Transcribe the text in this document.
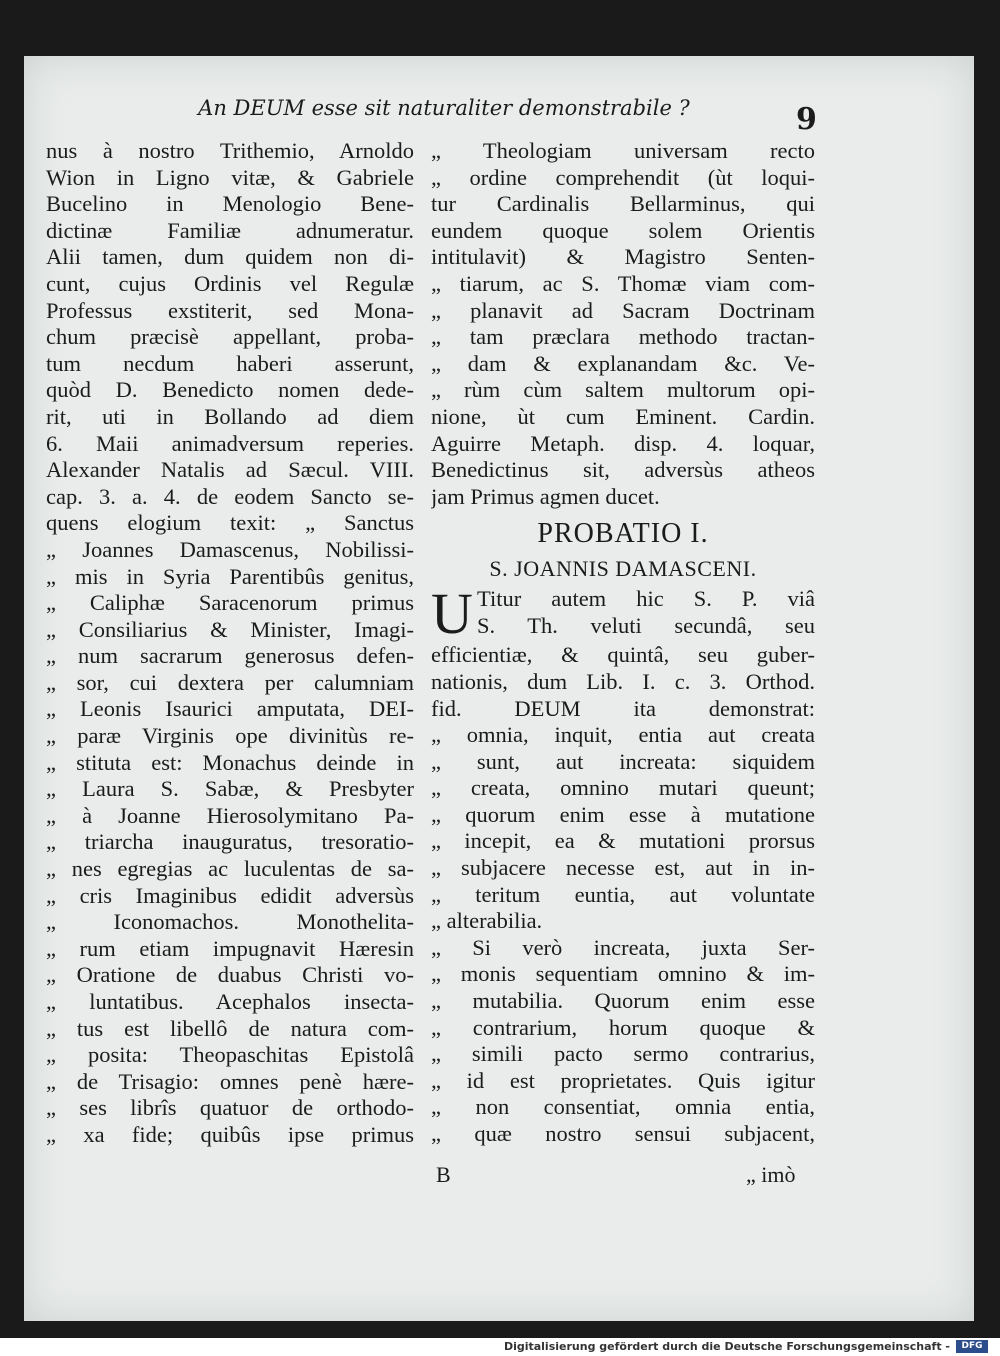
An DEUM esse sit naturaliter demonstrabile ?	9
nus à nostro Trithemio, Arnoldo
Wion in Ligno vitæ, & Gabriele
Bucelino in Menologio Bene-
dictinæ Familiæ adnumeratur.
Alii tamen, dum quidem non di-
cunt, cujus Ordinis vel Regulæ
Professus exstiterit, sed Mona-
chum præcisè appellant, proba-
tum necdum haberi asserunt,
quòd D. Benedicto nomen dede-
rit, uti in Bollando ad diem
6. Maii animadversum reperies.
Alexander Natalis ad Sæcul. VIII.
cap. 3. a. 4. de eodem Sancto se-
quens elogium texit: „ Sanctus
„ Joannes Damascenus, Nobilissi-
„ mis in Syria Parentibûs genitus,
„ Caliphæ Saracenorum primus
„ Consiliarius & Minister, Imagi-
„ num sacrarum generosus defen-
„ sor, cui dextera per calumniam
„ Leonis Isaurici amputata, DEI-
„ paræ Virginis ope divinitùs re-
„ stituta est: Monachus deinde in
„ Laura S. Sabæ, & Presbyter
„ à Joanne Hierosolymitano Pa-
„ triarcha inauguratus, tresoratio-
„ nes egregias ac luculentas de sa-
„ cris Imaginibus edidit adversùs
„ Iconomachos. Monothelita-
„ rum etiam impugnavit Hæresin
„ Oratione de duabus Christi vo-
„ luntatibus. Acephalos insecta-
„ tus est libellô de natura com-
„ posita: Theopaschitas Epistolâ
„ de Trisagio: omnes penè hære-
„ ses librîs quatuor de orthodo-
„ xa fide; quibûs ipse primus
„ Theologiam universam recto
„ ordine comprehendit (ùt loqui-
tur Cardinalis Bellarminus, qui
eundem quoque solem Orientis
intitulavit) & Magistro Senten-
„ tiarum, ac S. Thomæ viam com-
„ planavit ad Sacram Doctrinam
„ tam præclara methodo tractan-
„ dam & explanandam &c. Ve-
„ rùm cùm saltem multorum opi-
nione, ùt cum Eminent. Cardin.
Aguirre Metaph. disp. 4. loquar,
Benedictinus sit, adversùs atheos
jam Primus agmen ducet.
PROBATIO I.
S. JOANNIS DAMASCENI.
U Titur autem hic S. P. viâ
S. Th. veluti secundâ, seu
efficientiæ, & quintâ, seu guber-
nationis, dum Lib. I. c. 3. Orthod.
fid. DEUM ita demonstrat:
„ omnia, inquit, entia aut creata
„ sunt, aut increata: siquidem
„ creata, omnino mutari queunt;
„ quorum enim esse à mutatione
„ incepit, ea & mutationi prorsus
„ subjacere necesse est, aut in in-
„ teritum euntia, aut voluntate
„ alterabilia.
„ Si verò increata, juxta Ser-
„ monis sequentiam omnino & im-
„ mutabilia. Quorum enim esse
„ contrarium, horum quoque &
„ simili pacto sermo contrarius,
„ id est proprietates. Quis igitur
„ non consentiat, omnia entia,
„ quæ nostro sensui subjacent,
B	„ imò
Digitalisierung gefördert durch die Deutsche Forschungsgemeinschaft -	DFG
